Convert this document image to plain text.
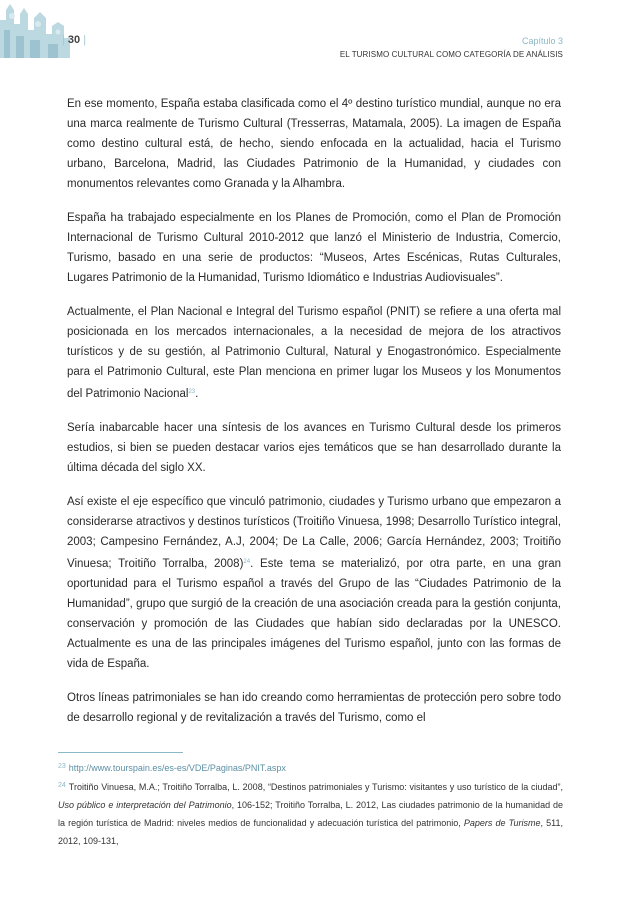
| 30 |	Capítulo 3
EL TURISMO CULTURAL COMO CATEGORÍA DE ANÁLISIS

En ese momento, España estaba clasificada como el 4º destino turístico mundial, aunque no era una marca realmente de Turismo Cultural (Tresserras, Matamala, 2005). La imagen de España como destino cultural está, de hecho, siendo enfocada en la actualidad, hacia el Turismo urbano, Barcelona, Madrid, las Ciudades Patrimonio de la Humanidad, y ciudades con monumentos relevantes como Granada y la Alhambra.

España ha trabajado especialmente en los Planes de Promoción, como el Plan de Promoción Internacional de Turismo Cultural 2010-2012 que lanzó el Ministerio de Industria, Comercio, Turismo, basado en una serie de productos: “Museos, Artes Escénicas, Rutas Culturales, Lugares Patrimonio de la Humanidad, Turismo Idiomático e Industrias Audiovisuales”.

Actualmente, el Plan Nacional e Integral del Turismo español (PNIT) se refiere a una oferta mal posicionada en los mercados internacionales, a la necesidad de mejora de los atractivos turísticos y de su gestión, al Patrimonio Cultural, Natural y Enogastronómico. Especialmente para el Patrimonio Cultural, este Plan menciona en primer lugar los Museos y los Monumentos del Patrimonio Nacional$^{23}$.

Sería inabarcable hacer una síntesis de los avances en Turismo Cultural desde los primeros estudios, si bien se pueden destacar varios ejes temáticos que se han desarrollado durante la última década del siglo XX.

Así existe el eje específico que vinculó patrimonio, ciudades y Turismo urbano que empezaron a considerarse atractivos y destinos turísticos (Troitiño Vinuesa, 1998; Desarrollo Turístico integral, 2003; Campesino Fernández, A.J, 2004; De La Calle, 2006; García Hernández, 2003; Troitiño Vinuesa; Troitiño Torralba, 2008)$^{24}$. Este tema se materializó, por otra parte, en una gran oportunidad para el Turismo español a través del Grupo de las “Ciudades Patrimonio de la Humanidad”, grupo que surgió de la creación de una asociación creada para la gestión conjunta, conservación y promoción de las Ciudades que habían sido declaradas por la UNESCO. Actualmente es una de las principales imágenes del Turismo español, junto con las formas de vida de España.

Otros líneas patrimoniales se han ido creando como herramientas de protección pero sobre todo de desarrollo regional y de revitalización a través del Turismo, como el

$^{23}$ http://www.tourspain.es/es-es/VDE/Paginas/PNIT.aspx

$^{24}$ Troitiño Vinuesa, M.A.; Troitiño Torralba, L. 2008, “Destinos patrimoniales y Turismo: visitantes y uso turístico de la ciudad”, Uso público e interpretación del Patrimonio, 106-152; Troitiño Torralba, L. 2012, Las ciudades patrimonio de la humanidad de la región turística de Madrid: niveles medios de funcionalidad y adecuación turística del patrimonio, Papers de Turisme, 511, 2012, 109-131,
